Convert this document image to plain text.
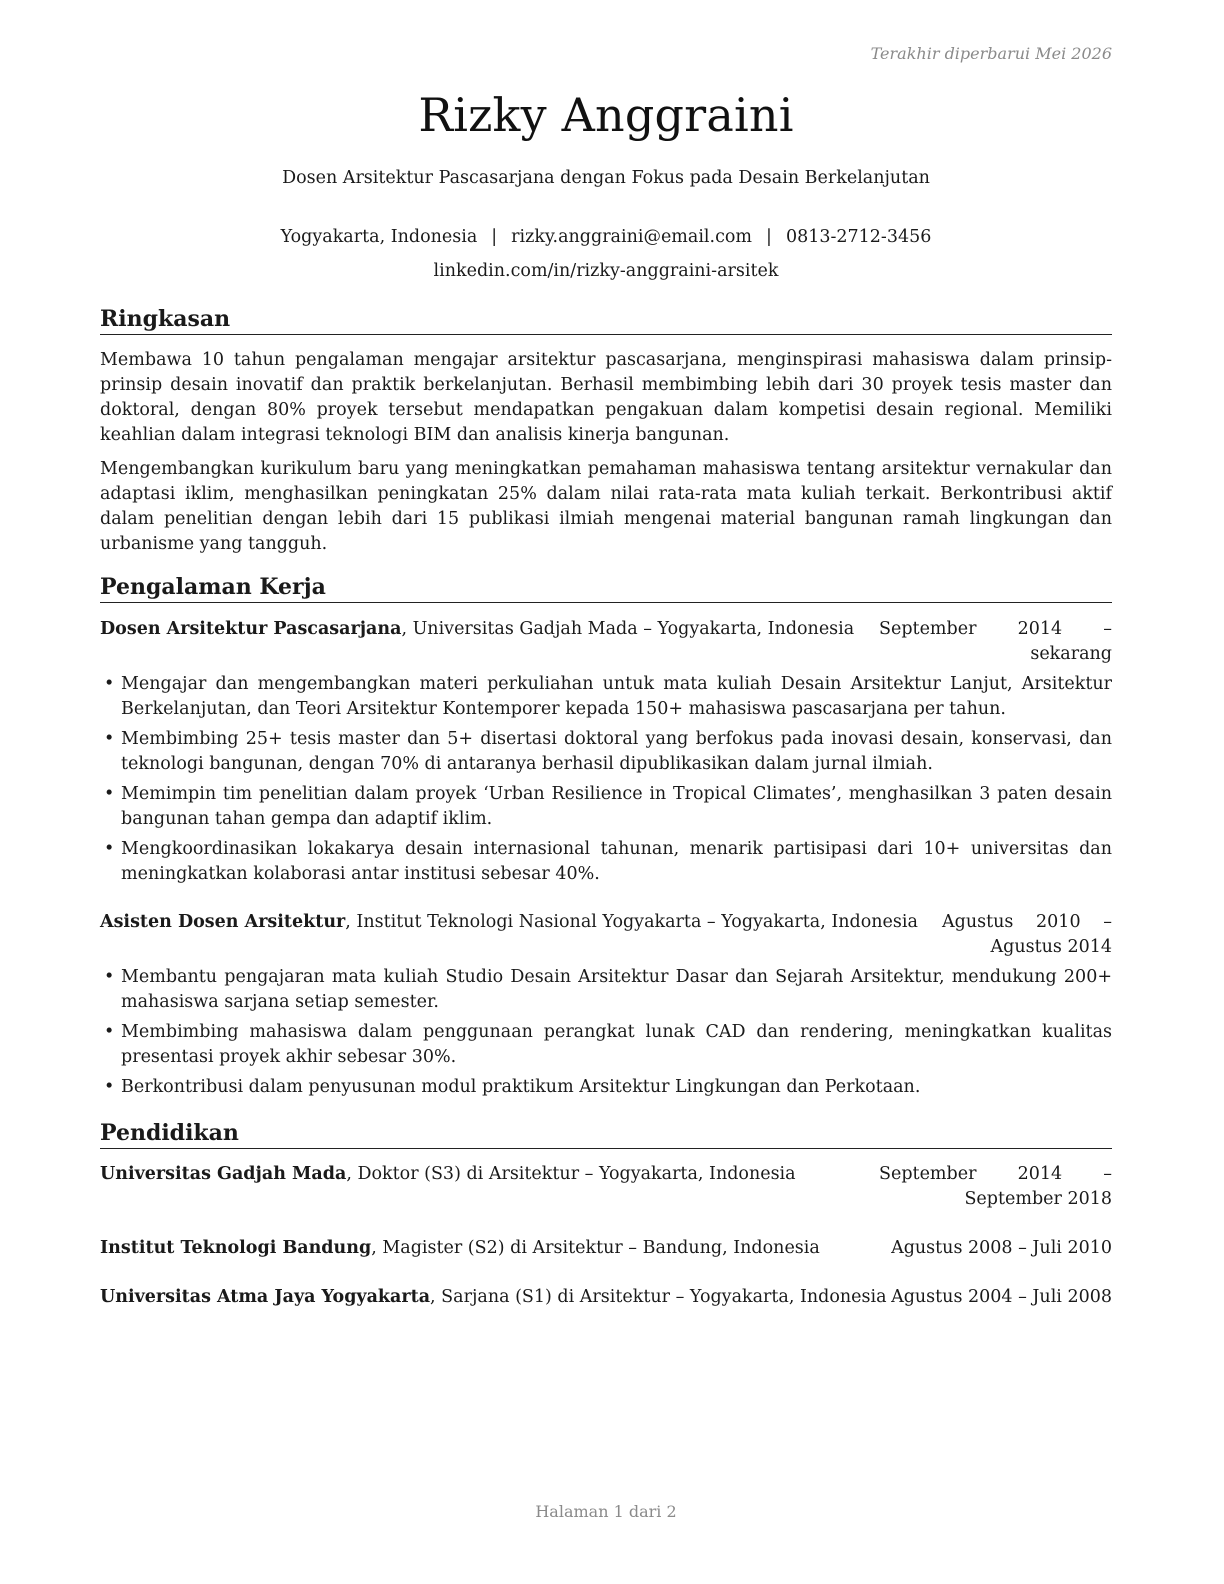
Terakhir diperbarui Mei 2026
Rizky Anggraini
Dosen Arsitektur Pascasarjana dengan Fokus pada Desain Berkelanjutan
Yogyakarta, Indonesia | rizky.anggraini@email.com | 0813-2712-3456
linkedin.com/in/rizky-anggraini-arsitek
Ringkasan

Membawa 10 tahun pengalaman mengajar arsitektur pascasarjana, menginspirasi mahasiswa dalam prinsip-prinsip desain inovatif dan praktik berkelanjutan. Berhasil membimbing lebih dari 30 proyek tesis master dan doktoral, dengan 80% proyek tersebut mendapatkan pengakuan dalam kompetisi desain regional. Memiliki keahlian dalam integrasi teknologi BIM dan analisis kinerja bangunan.

Mengembangkan kurikulum baru yang meningkatkan pemahaman mahasiswa tentang arsitektur vernakular dan adaptasi iklim, menghasilkan peningkatan 25% dalam nilai rata-rata mata kuliah terkait. Berkontribusi aktif dalam penelitian dengan lebih dari 15 publikasi ilmiah mengenai material bangunan ramah lingkungan dan urbanisme yang tangguh.

Pengalaman Kerja
Dosen Arsitektur Pascasarjana, Universitas Gadjah Mada – Yogyakarta, Indonesia September 2014 – sekarang
• Mengajar dan mengembangkan materi perkuliahan untuk mata kuliah Desain Arsitektur Lanjut, Arsitektur Berkelanjutan, dan Teori Arsitektur Kontemporer kepada 150+ mahasiswa pascasarjana per tahun.
• Membimbing 25+ tesis master dan 5+ disertasi doktoral yang berfokus pada inovasi desain, konservasi, dan teknologi bangunan, dengan 70% di antaranya berhasil dipublikasikan dalam jurnal ilmiah.
• Memimpin tim penelitian dalam proyek ‘Urban Resilience in Tropical Climates’, menghasilkan 3 paten desain bangunan tahan gempa dan adaptif iklim.
• Mengkoordinasikan lokakarya desain internasional tahunan, menarik partisipasi dari 10+ universitas dan meningkatkan kolaborasi antar institusi sebesar 40%.
Asisten Dosen Arsitektur, Institut Teknologi Nasional Yogyakarta – Yogyakarta, Indonesia Agustus 2010 – Agustus 2014
• Membantu pengajaran mata kuliah Studio Desain Arsitektur Dasar dan Sejarah Arsitektur, mendukung 200+ mahasiswa sarjana setiap semester.
• Membimbing mahasiswa dalam penggunaan perangkat lunak CAD dan rendering, meningkatkan kualitas presentasi proyek akhir sebesar 30%.
• Berkontribusi dalam penyusunan modul praktikum Arsitektur Lingkungan dan Perkotaan.
Pendidikan
Universitas Gadjah Mada, Doktor (S3) di Arsitektur – Yogyakarta, Indonesia	September 2014 – September 2018
Institut Teknologi Bandung, Magister (S2) di Arsitektur – Bandung, Indonesia	Agustus 2008 – Juli 2010
Universitas Atma Jaya Yogyakarta, Sarjana (S1) di Arsitektur – Yogyakarta, Indonesia Agustus 2004 – Juli 2008
Halaman 1 dari 2
